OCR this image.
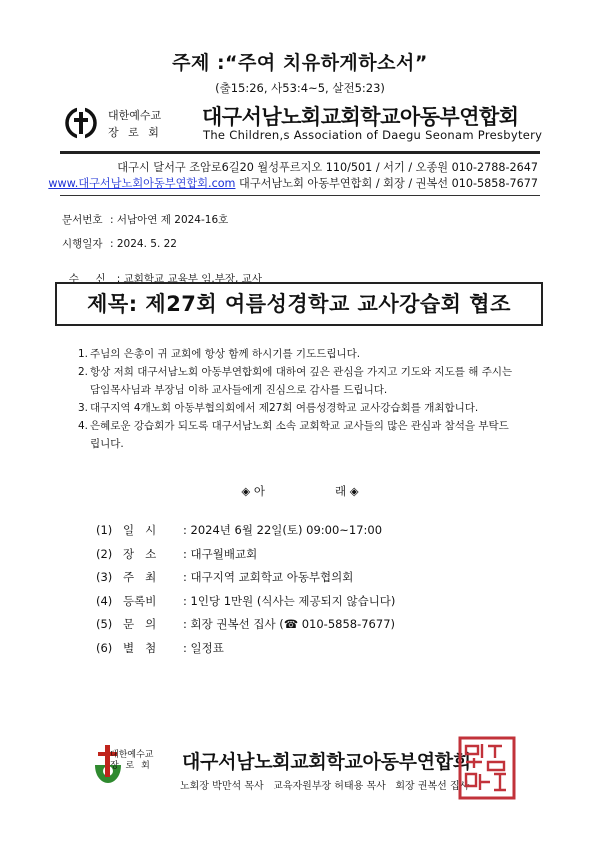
주제 :“주여 치유하게하소서”
(출15:26, 사53:4~5, 살전5:23)
대한예수교
장 로 회
대구서남노회교회학교아동부연합회
The Children,s Association of Daegu Seonam Presbytery
대구시 달서구 조암로6길20 월성푸르지오 110/501 / 서기 / 오종원 010-2788-2647
www.대구서남노회아동부연합회.com 대구서남노회 아동부연합회 / 회장 / 권복선 010-5858-7677
문서번호 : 서남아연 제 2024-16호
시행일자 : 2024. 5. 22

수     신 : 교회학교 교육부 임.부장, 교사

제목: 제27회 여름성경학교 교사강습회 협조
1. 주님의 은총이 귀 교회에 항상 함께 하시기를 기도드립니다.
2. 항상 저희 대구서남노회 아동부연합회에 대하여 깊은 관심을 가지고 기도와 지도를 해 주시는 담임목사님과 부장님 이하 교사들에게 진심으로 감사를 드립니다.
3. 대구지역 4개노회 아동부협의회에서 제27회 여름성경학교 교사강습회를 개최합니다.
4. 은혜로운 강습회가 되도록 대구서남노회 소속 교회학교 교사들의 많은 관심과 참석을 부탁드립니다.
◈ 아	래 ◈
(1) 일   시 : 2024년 6월 22일(토) 09:00~17:00
(2) 장   소 : 대구월배교회
(3) 주   최 : 대구지역 교회학교 아동부협의회
(4) 등록비 : 1인당 1만원 (식사는 제공되지 않습니다)
(5) 문   의 : 회장 권복선 집사 (☎ 010-5858-7677)
(6) 별   첨 : 일정표
대한예수교
장 로 회 대구서남노회교회학교아동부연합회
노회장 박만석 목사   교육자원부장 허태용 목사   회장 권복선 집사
